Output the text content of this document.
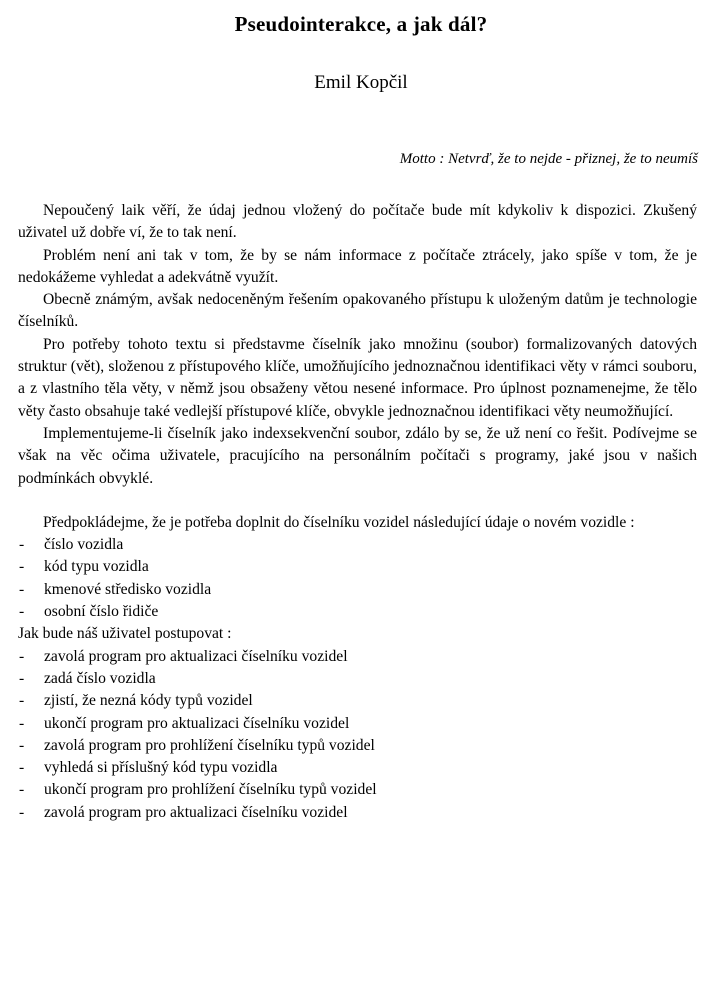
Pseudointerakce, a jak dál?
Emil Kopčil
Motto : Netvrď, že to nejde - přiznej, že to neumíš

Nepoučený laik věří, že údaj jednou vložený do počítače bude mít kdykoliv k dispozici. Zkušený uživatel už dobře ví, že to tak není.

Problém není ani tak v tom, že by se nám informace z počítače ztrácely, jako spíše v tom, že je nedokážeme vyhledat a adekvátně využít.

Obecně známým, avšak nedoceněným řešením opakovaného přístupu k uloženým datům je technologie číselníků.

Pro potřeby tohoto textu si představme číselník jako množinu (soubor) formalizovaných datových struktur (vět), složenou z přístupového klíče, umožňujícího jednoznačnou identifikaci věty v rámci souboru, a z vlastního těla věty, v němž jsou obsaženy větou nesené informace. Pro úplnost poznamenejme, že tělo věty často obsahuje také vedlejší přístupové klíče, obvykle jednoznačnou identifikaci věty neumožňující.

Implementujeme-li číselník jako indexsekvenční soubor, zdálo by se, že už není co řešit. Podívejme se však na věc očima uživatele, pracujícího na personálním počítači s programy, jaké jsou v našich podmínkách obvyklé.

Předpokládejme, že je potřeba doplnit do číselníku vozidel následující údaje o novém vozidle :

- číslo vozidla
- kód typu vozidla
- kmenové středisko vozidla
- osobní číslo řidiče
Jak bude náš uživatel postupovat :
- zavolá program pro aktualizaci číselníku vozidel
- zadá číslo vozidla
- zjistí, že nezná kódy typů vozidel
- ukončí program pro aktualizaci číselníku vozidel
- zavolá program pro prohlížení číselníku typů vozidel
- vyhledá si příslušný kód typu vozidla
- ukončí program pro prohlížení číselníku typů vozidel
- zavolá program pro aktualizaci číselníku vozidel
